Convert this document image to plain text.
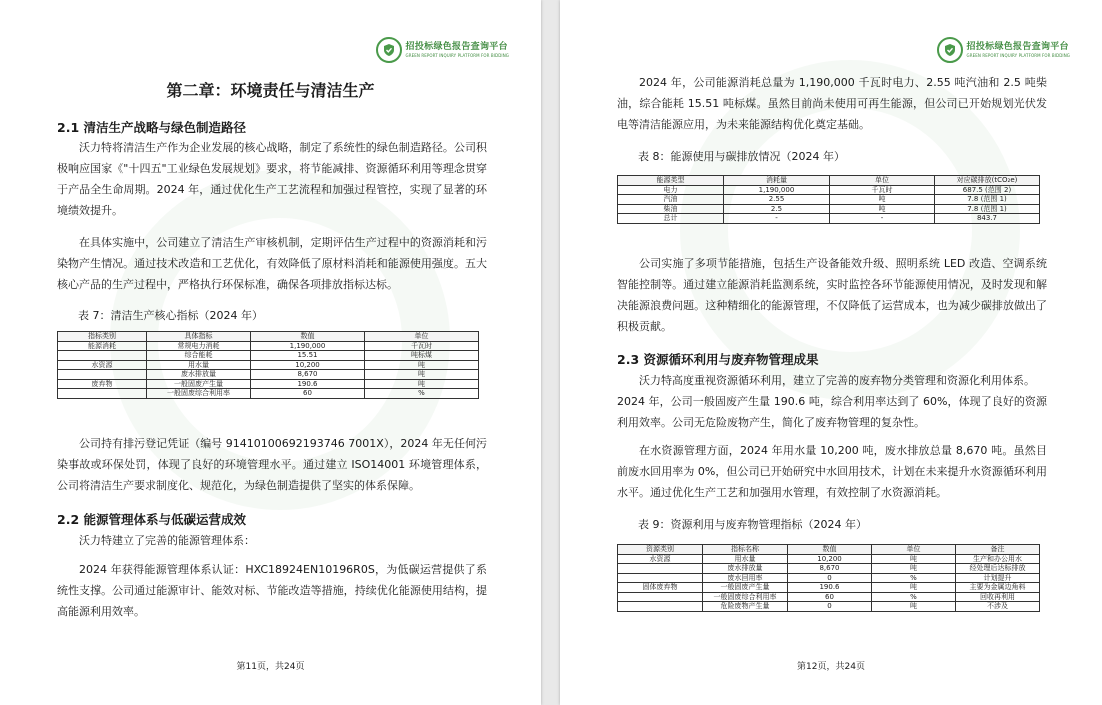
招投标绿色报告查询平台
GREEN REPORT INQUIRY PLATFORM FOR BIDDING
第二章：环境责任与清洁生产
2.1 清洁生产战略与绿色制造路径

沃力特将清洁生产作为企业发展的核心战略，制定了系统性的绿色制造路径。公司积极响应国家《"十四五"工业绿色发展规划》要求，将节能减排、资源循环利用等理念贯穿于产品全生命周期。2024 年，通过优化生产工艺流程和加强过程管控，实现了显著的环境绩效提升。

在具体实施中，公司建立了清洁生产审核机制，定期评估生产过程中的资源消耗和污染物产生情况。通过技术改造和工艺优化，有效降低了原材料消耗和能源使用强度。五大核心产品的生产过程中，严格执行环保标准，确保各项排放指标达标。

表 7：清洁生产核心指标（2024 年）

指标类别	具体指标	数值	单位
能源消耗	常规电力消耗	1,190,000	千瓦时
	综合能耗	15.51	吨标煤
水资源	用水量	10,200	吨
	废水排放量	8,670	吨
废弃物	一般固废产生量	190.6	吨
	一般固废综合利用率	60	%

公司持有排污登记凭证（编号 91410100692193746 7001X），2024 年无任何污染事故或环保处罚，体现了良好的环境管理水平。通过建立 ISO14001 环境管理体系，公司将清洁生产要求制度化、规范化，为绿色制造提供了坚实的体系保障。

2.2 能源管理体系与低碳运营成效

沃力特建立了完善的能源管理体系：

2024 年获得能源管理体系认证：HXC18924EN10196R0S，为低碳运营提供了系统性支撑。公司通过能源审计、能效对标、节能改造等措施，持续优化能源使用结构，提高能源利用效率。

第11页，共24页

招投标绿色报告查询平台
GREEN REPORT INQUIRY PLATFORM FOR BIDDING

2024 年，公司能源消耗总量为 1,190,000 千瓦时电力、2.55 吨汽油和 2.5 吨柴油，综合能耗 15.51 吨标煤。虽然目前尚未使用可再生能源，但公司已开始规划光伏发电等清洁能源应用，为未来能源结构优化奠定基础。

表 8：能源使用与碳排放情况（2024 年）

能源类型	消耗量	单位	对应碳排放(tCO₂e)
电力	1,190,000	千瓦时	687.5 (范围 2)
汽油	2.55	吨	7.8 (范围 1)
柴油	2.5	吨	7.8 (范围 1)
总计	-	-	843.7

公司实施了多项节能措施，包括生产设备能效升级、照明系统 LED 改造、空调系统智能控制等。通过建立能源消耗监测系统，实时监控各环节能源使用情况，及时发现和解决能源浪费问题。这种精细化的能源管理，不仅降低了运营成本，也为减少碳排放做出了积极贡献。

2.3 资源循环利用与废弃物管理成果

沃力特高度重视资源循环利用，建立了完善的废弃物分类管理和资源化利用体系。

2024 年，公司一般固废产生量 190.6 吨，综合利用率达到了 60%，体现了良好的资源利用效率。公司无危险废物产生，简化了废弃物管理的复杂性。

在水资源管理方面，2024 年用水量 10,200 吨，废水排放总量 8,670 吨。虽然目前废水回用率为 0%，但公司已开始研究中水回用技术，计划在未来提升水资源循环利用水平。通过优化生产工艺和加强用水管理，有效控制了水资源消耗。

表 9：资源利用与废弃物管理指标（2024 年）

资源类别	指标名称	数值	单位	备注
水资源	用水量	10,200	吨	生产和办公用水
	废水排放量	8,670	吨	经处理后达标排放
	废水回用率	0	%	计划提升
固体废弃物	一般固废产生量	190.6	吨	主要为金属边角料
	一般固废综合利用率	60	%	回收再利用
	危险废物产生量	0	吨	不涉及

第12页，共24页
